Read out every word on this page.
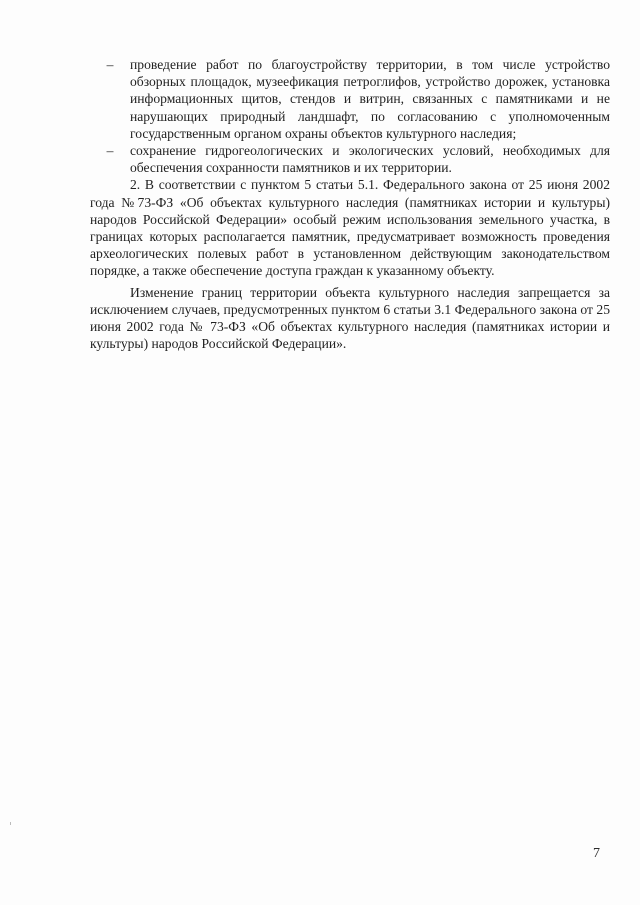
– проведение работ по благоустройству территории, в том числе устройство обзорных площадок, музеефикация петроглифов, устройство дорожек, установка информационных щитов, стендов и витрин, связанных с памятниками и не нарушающих природный ландшафт, по согласованию с уполномоченным государственным органом охраны объектов культурного наследия;

– сохранение гидрогеологических и экологических условий, необходимых для обеспечения сохранности памятников и их территории.

2. В соответствии с пунктом 5 статьи 5.1. Федерального закона от 25 июня 2002 года №73-ФЗ «Об объектах культурного наследия (памятниках истории и культуры) народов Российской Федерации» особый режим использования земельного участка, в границах которых располагается памятник, предусматривает возможность проведения археологических полевых работ в установленном действующим законодательством порядке, а также обеспечение доступа граждан к указанному объекту.

Изменение границ территории объекта культурного наследия запрещается за исключением случаев, предусмотренных пунктом 6 статьи 3.1 Федерального закона от 25 июня 2002 года № 73-ФЗ «Об объектах культурного наследия (памятниках истории и культуры) народов Российской Федерации».

7
